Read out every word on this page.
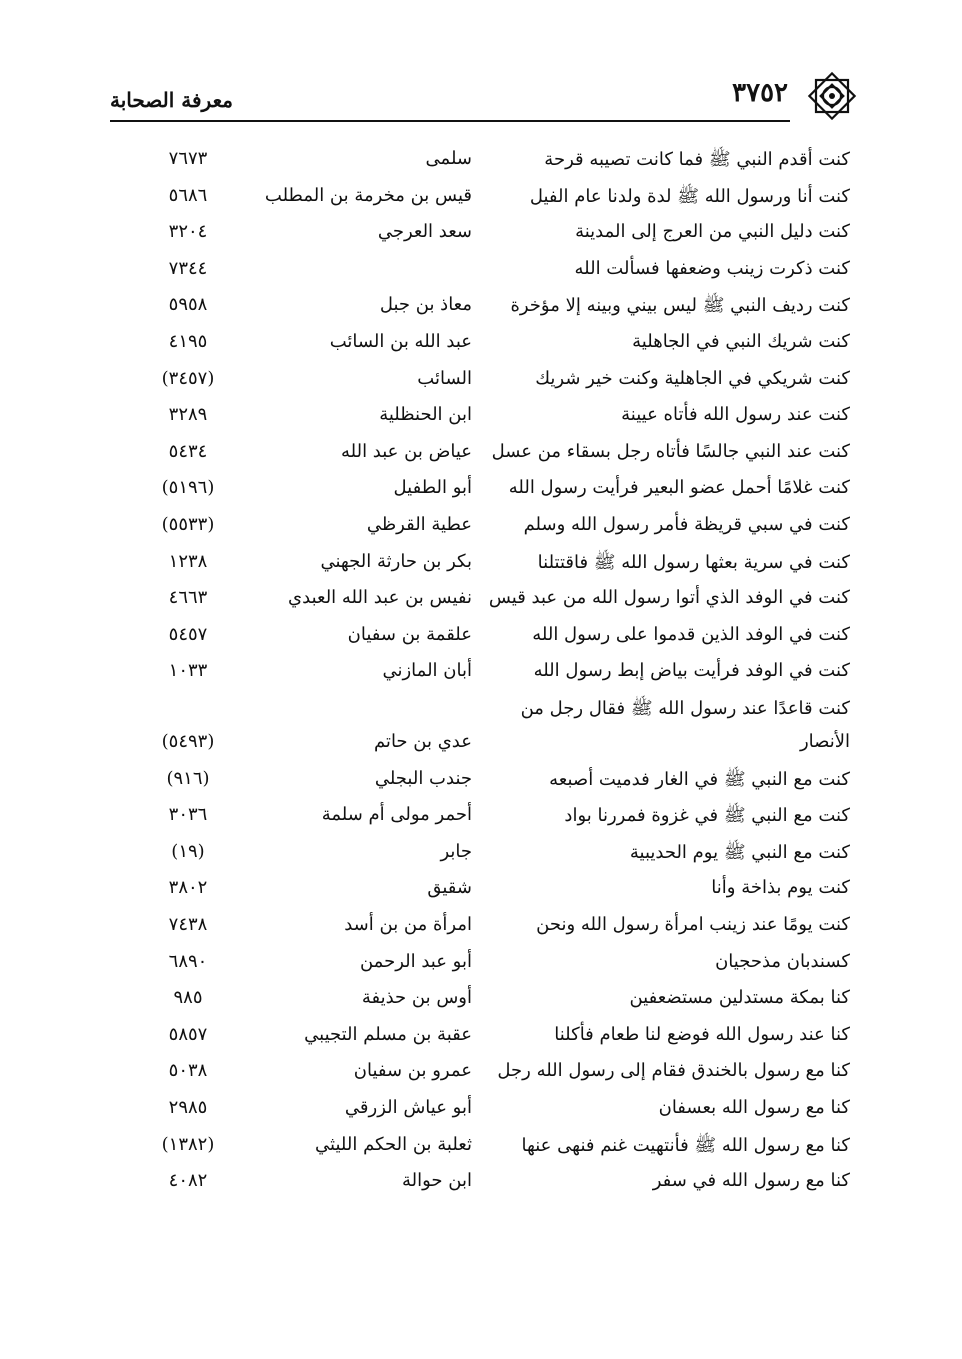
٣٧٥٢
معرفة الصحابة
كنت أقدم النبي ﷺ فما كانت تصيبه قرحة
سلمى
٧٦٧٣
كنت أنا ورسول الله ﷺ لدة ولدنا عام الفيل
قيس بن مخرمة بن المطلب
٥٦٨٦
كنت دليل النبي من العرج إلى المدينة
سعد العرجي
٣٢٠٤
كنت ذكرت زينب وضعفها فسألت الله
٧٣٤٤
كنت رديف النبي ﷺ ليس بيني وبينه إلا مؤخرة
معاذ بن جبل
٥٩٥٨
كنت شريك النبي في الجاهلية
عبد الله بن السائب
٤١٩٥
كنت شريكي في الجاهلية وكنت خير شريك
السائب
(٣٤٥٧)
كنت عند رسول الله فأتاه عيينة
ابن الحنظلية
٣٢٨٩
كنت عند النبي جالسًا فأتاه رجل بسقاء من عسل
عياض بن عبد الله
٥٤٣٤
كنت غلامًا أحمل عضو البعير فرأيت رسول الله
أبو الطفيل
(٥١٩٦)
كنت في سبي قريظة فأمر رسول الله وسلم
عطية القرظي
(٥٥٣٣)
كنت في سرية بعثها رسول الله ﷺ فاقتتلنا
بكر بن حارثة الجهني
١٢٣٨
كنت في الوفد الذي أتوا رسول الله من عبد قيس
نفيس بن عبد الله العبدي
٤٦٦٣
كنت في الوفد الذين قدموا على رسول الله
علقمة بن سفيان
٥٤٥٧
كنت في الوفد فرأيت بياض إبط رسول الله
أبان المازني
١٠٣٣
كنت قاعدًا عند رسول الله ﷺ فقال رجل من
الأنصار
عدي بن حاتم
(٥٤٩٣)
كنت مع النبي ﷺ في الغار فدميت أصبعه
جندب البجلي
(٩١٦)
كنت مع النبي ﷺ في غزوة فمررنا بواد
أحمر مولى أم سلمة
٣٠٣٦
كنت مع النبي ﷺ يوم الحديبية
جابر
(١٩)
كنت يوم بذاخة وأنا
شقيق
٣٨٠٢
كنت يومًا عند زينب امرأة رسول الله ونحن
امرأة من بن أسد
٧٤٣٨
كسندبان مذحجيان
أبو عبد الرحمن
٦٨٩٠
كنا بمكة مستدلين مستضعفين
أوس بن حذيفة
٩٨٥
كنا عند رسول الله فوضع لنا طعام فأكلنا
عقبة بن مسلم التجيبي
٥٨٥٧
كنا مع رسول بالخندق فقام إلى رسول الله رجل
عمرو بن سفيان
٥٠٣٨
كنا مع رسول الله بعسفان
أبو عياش الزرقي
٢٩٨٥
كنا مع رسول الله ﷺ فأنتهيت غنم فنهى عنها
ثعلبة بن الحكم الليثي
(١٣٨٢)
كنا مع رسول الله في سفر
ابن حوالة
٤٠٨٢
